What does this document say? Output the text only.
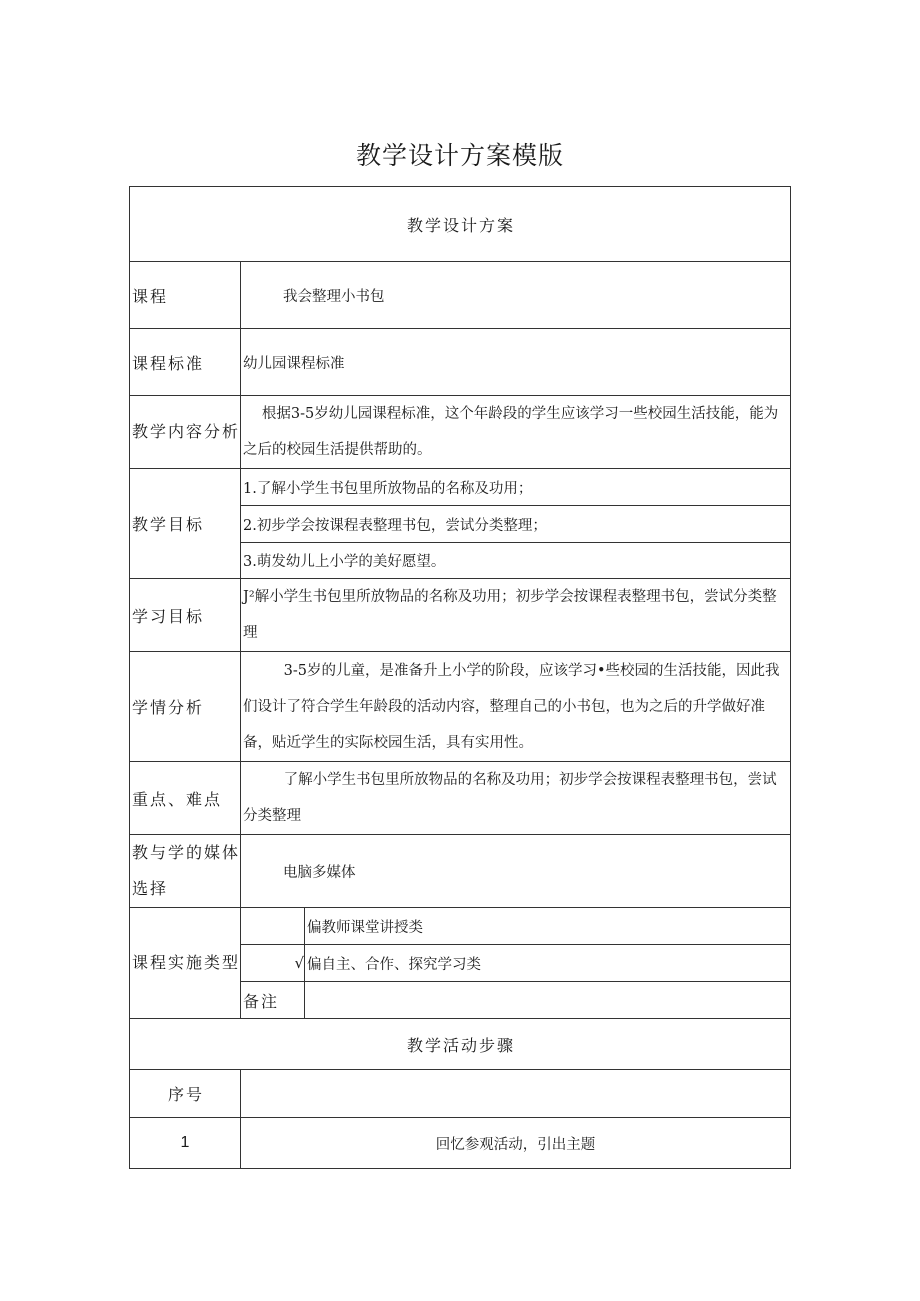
教学设计方案模版
教学设计方案		
课程	我会整理小书包	
课程标准	幼儿园课程标准	
教学内容分析	根据3-5岁幼儿园课程标准，这个年龄段的学生应该学习一些校园生活技能，能为之后的校园生活提供帮助的。	
教学目标	1.了解小学生书包里所放物品的名称及功用；	
	2.初步学会按课程表整理书包，尝试分类整理；	
	3.萌发幼儿上小学的美好愿望。	
学习目标	J²解小学生书包里所放物品的名称及功用；初步学会按课程表整理书包，尝试分类整理	
学情分析	3-5岁的儿童，是准备升上小学的阶段，应该学习•些校园的生活技能，因此我们设计了符合学生年龄段的活动内容，整理自己的小书包，也为之后的升学做好准备，贴近学生的实际校园生活，具有实用性。	
重点、难点	了解小学生书包里所放物品的名称及功用；初步学会按课程表整理书包，尝试分类整理	
教与学的媒体选择	电脑多媒体	
课程实施类型		偏教师课堂讲授类
	√	偏自主、合作、探究学习类
	备注	
教学活动步骤		
序号		
1	回忆参观活动，引出主题	
